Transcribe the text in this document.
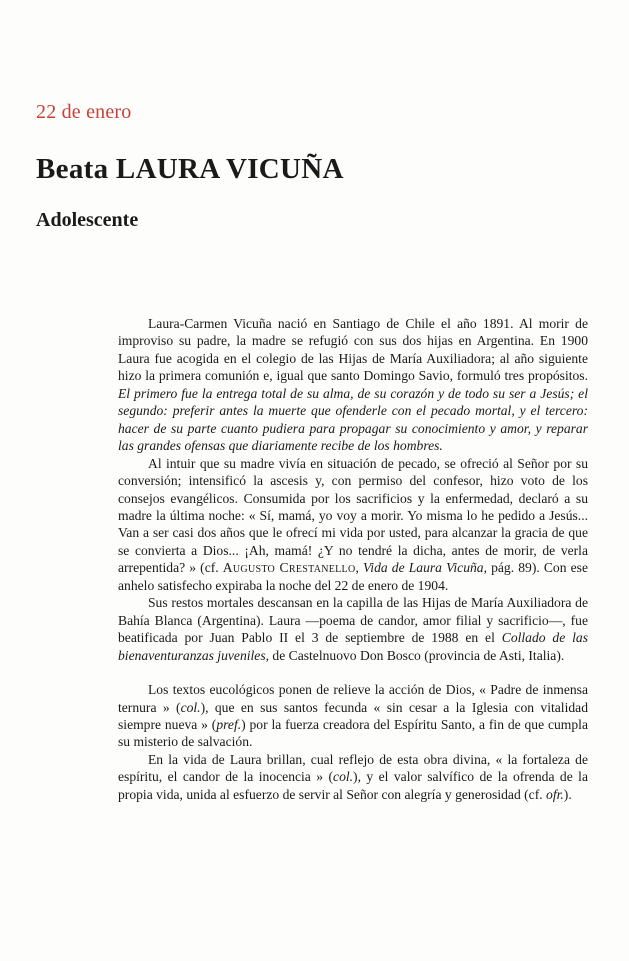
22 de enero
Beata LAURA VICUÑA
Adolescente

Laura-Carmen Vicuña nació en Santiago de Chile el año 1891. Al morir de improviso su padre, la madre se refugió con sus dos hijas en Argentina. En 1900 Laura fue acogida en el colegio de las Hijas de María Auxiliadora; al año siguiente hizo la primera comunión e, igual que santo Domingo Savio, formuló tres propósitos. El primero fue la entrega total de su alma, de su corazón y de todo su ser a Jesús; el segundo: preferir antes la muerte que ofenderle con el pecado mortal, y el tercero: hacer de su parte cuanto pudiera para propagar su conocimiento y amor, y reparar las grandes ofensas que diariamente recibe de los hombres.

Al intuir que su madre vivía en situación de pecado, se ofreció al Señor por su conversión; intensificó la ascesis y, con permiso del confesor, hizo voto de los consejos evangélicos. Consumida por los sacrificios y la enfermedad, declaró a su madre la última noche: « Sí, mamá, yo voy a morir. Yo misma lo he pedido a Jesús... Van a ser casi dos años que le ofrecí mi vida por usted, para alcanzar la gracia de que se convierta a Dios... ¡Ah, mamá! ¿Y no tendré la dicha, antes de morir, de verla arrepentida? » (cf. Augusto Crestanello, Vida de Laura Vicuña, pág. 89). Con ese anhelo satisfecho expiraba la noche del 22 de enero de 1904.

Sus restos mortales descansan en la capilla de las Hijas de María Auxiliadora de Bahía Blanca (Argentina). Laura —poema de candor, amor filial y sacrificio—, fue beatificada por Juan Pablo II el 3 de septiembre de 1988 en el Collado de las bienaventuranzas juveniles, de Castelnuovo Don Bosco (provincia de Asti, Italia).

Los textos eucológicos ponen de relieve la acción de Dios, « Padre de inmensa ternura » (col.), que en sus santos fecunda « sin cesar a la Iglesia con vitalidad siempre nueva » (pref.) por la fuerza creadora del Espíritu Santo, a fin de que cumpla su misterio de salvación.

En la vida de Laura brillan, cual reflejo de esta obra divina, « la fortaleza de espíritu, el candor de la inocencia » (col.), y el valor salvífico de la ofrenda de la propia vida, unida al esfuerzo de servir al Señor con alegría y generosidad (cf. ofr.).
